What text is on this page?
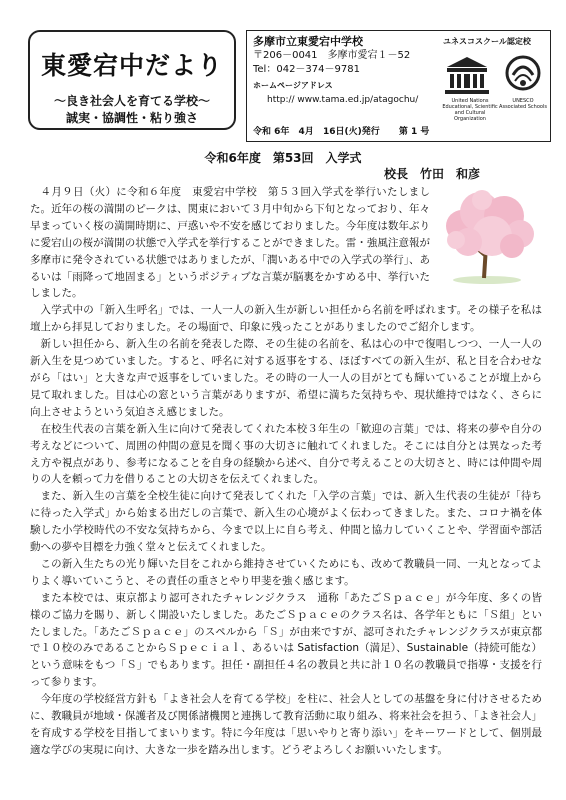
東愛宕中だより
～良き社会人を育てる学校～
誠実・協調性・粘り強さ
多摩市立東愛宕中学校
〒206－0041　多摩市愛宕１－52
Tel：042－374－9781
ホームページアドレス
http:// www.tama.ed.jp/atagochu/
令和 6年 4月 16日(火)発行 第 1 号
ユネスコスクール認定校
United Nations Educational, Scientific and Cultural Organization
UNESCO Associated Schools
令和6年度　第53回　入学式
校長　竹田　和彦

４月９日（火）に令和６年度　東愛宕中学校　第５３回入学式を挙行いたしました。近年の桜の満開のピークは、関東において３月中旬から下旬となっており、年々早まっていく桜の満開時期に、戸惑いや不安を感じておりました。今年度は数年ぶりに愛宕山の桜が満開の状態で入学式を挙行することができました。雷・強風注意報が多摩市に発令されている状態ではありましたが、「潤いある中での入学式の挙行」、あるいは「雨降って地固まる」というポジティブな言葉が脳裏をかすめる中、挙行いたしました。

入学式中の「新入生呼名」では、一人一人の新入生が新しい担任から名前を呼ばれます。その様子を私は壇上から拝見しておりました。その場面で、印象に残ったことがありましたのでご紹介します。

新しい担任から、新入生の名前を発表した際、その生徒の名前を、私は心の中で復唱しつつ、一人一人の新入生を見つめていました。すると、呼名に対する返事をする、ほぼすべての新入生が、私と目を合わせながら「はい」と大きな声で返事をしていました。その時の一人一人の目がとても輝いていることが壇上から見て取れました。目は心の窓という言葉がありますが、希望に満ちた気持ちや、現状維持ではなく、さらに向上させようという気迫さえ感じました。

在校生代表の言葉を新入生に向けて発表してくれた本校３年生の「歓迎の言葉」では、将来の夢や自分の考えなどについて、周囲の仲間の意見を聞く事の大切さに触れてくれました。そこには自分とは異なった考え方や視点があり、参考になることを自身の経験から述べ、自分で考えることの大切さと、時には仲間や周りの人を頼って力を借りることの大切さを伝えてくれました。

また、新入生の言葉を全校生徒に向けて発表してくれた「入学の言葉」では、新入生代表の生徒が「待ちに待った入学式」から始まる出だしの言葉で、新入生の心境がよく伝わってきました。また、コロナ禍を体験した小学校時代の不安な気持ちから、今まで以上に自ら考え、仲間と協力していくことや、学習面や部活動への夢や目標を力強く堂々と伝えてくれました。

この新入生たちの光り輝いた目をこれから維持させていくためにも、改めて教職員一同、一丸となってよりよく導いていこうと、その責任の重さとやり甲斐を強く感じます。

また本校では、東京都より認可されたチャレンジクラス　通称「あたごＳｐａｃｅ」が今年度、多くの皆様のご協力を賜り、新しく開設いたしました。あたごＳｐａｃｅのクラス名は、各学年ともに「Ｓ組」といたしました。「あたごＳｐａｃｅ」のスペルから「Ｓ」が由来ですが、認可されたチャレンジクラスが東京都で１０校のみであることからＳｐｅｃｉａｌ、あるいは Satisfaction（満足）、Sustainable（持続可能な）という意味をもつ「Ｓ」でもあります。担任・副担任４名の教員と共に計１０名の教職員で指導・支援を行って参ります。

今年度の学校経営方針も「よき社会人を育てる学校」を柱に、社会人としての基盤を身に付けさせるために、教職員が地域・保護者及び関係諸機関と連携して教育活動に取り組み、将来社会を担う、「よき社会人」を育成する学校を目指してまいります。特に今年度は「思いやりと寄り添い」をキーワードとして、個別最適な学びの実現に向け、大きな一歩を踏み出します。どうぞよろしくお願いいたします。
